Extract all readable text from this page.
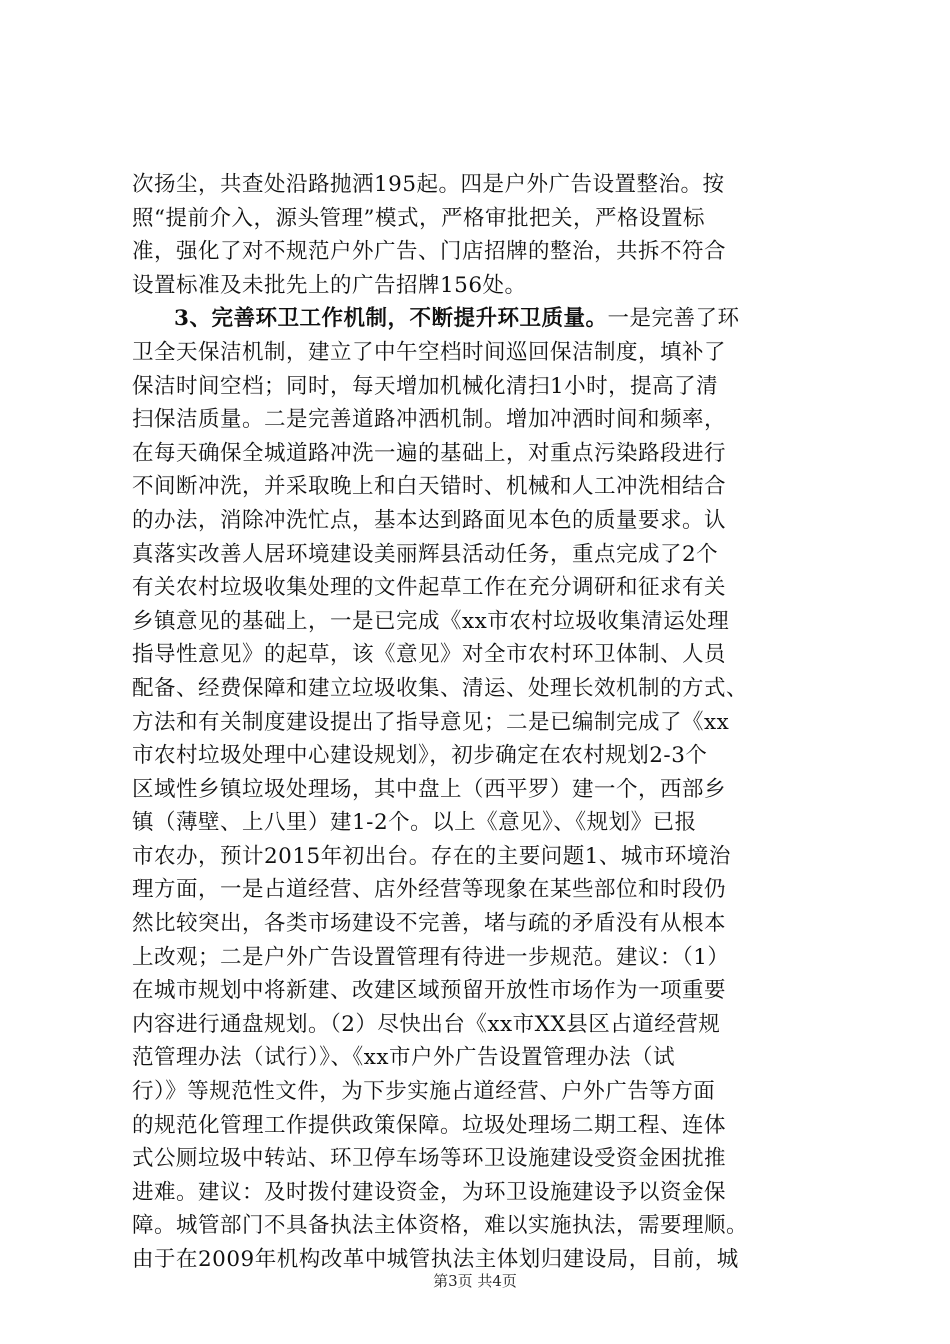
次扬尘，共查处沿路抛洒195起。四是户外广告设置整治。按
照“提前介入，源头管理”模式，严格审批把关，严格设置标
准，强化了对不规范户外广告、门店招牌的整治，共拆不符合
设置标准及未批先上的广告招牌156处。
3、完善环卫工作机制，不断提升环卫质量。一是完善了环
卫全天保洁机制，建立了中午空档时间巡回保洁制度，填补了
保洁时间空档；同时，每天增加机械化清扫1小时，提高了清
扫保洁质量。二是完善道路冲洒机制。增加冲洒时间和频率，
在每天确保全城道路冲洗一遍的基础上，对重点污染路段进行
不间断冲洗，并采取晚上和白天错时、机械和人工冲洗相结合
的办法，消除冲洗忙点，基本达到路面见本色的质量要求。认
真落实改善人居环境建设美丽辉县活动任务，重点完成了2个
有关农村垃圾收集处理的文件起草工作在充分调研和征求有关
乡镇意见的基础上，一是已完成《xx市农村垃圾收集清运处理
指导性意见》的起草，该《意见》对全市农村环卫体制、人员
配备、经费保障和建立垃圾收集、清运、处理长效机制的方式、
方法和有关制度建设提出了指导意见；二是已编制完成了《xx
市农村垃圾处理中心建设规划》，初步确定在农村规划2-3个
区域性乡镇垃圾处理场，其中盘上（西平罗）建一个，西部乡
镇（薄壁、上八里）建1-2个。以上《意见》、《规划》已报
市农办，预计2015年初出台。存在的主要问题1、城市环境治
理方面，一是占道经营、店外经营等现象在某些部位和时段仍
然比较突出，各类市场建设不完善，堵与疏的矛盾没有从根本
上改观；二是户外广告设置管理有待进一步规范。建议：（1）
在城市规划中将新建、改建区域预留开放性市场作为一项重要
内容进行通盘规划。（2）尽快出台《xx市XX县区占道经营规
范管理办法（试行）》、《xx市户外广告设置管理办法（试
行）》等规范性文件，为下步实施占道经营、户外广告等方面
的规范化管理工作提供政策保障。垃圾处理场二期工程、连体
式公厕垃圾中转站、环卫停车场等环卫设施建设受资金困扰推
进难。建议：及时拨付建设资金，为环卫设施建设予以资金保
障。城管部门不具备执法主体资格，难以实施执法，需要理顺。
由于在2009年机构改革中城管执法主体划归建设局，目前，城
第3页 共4页
